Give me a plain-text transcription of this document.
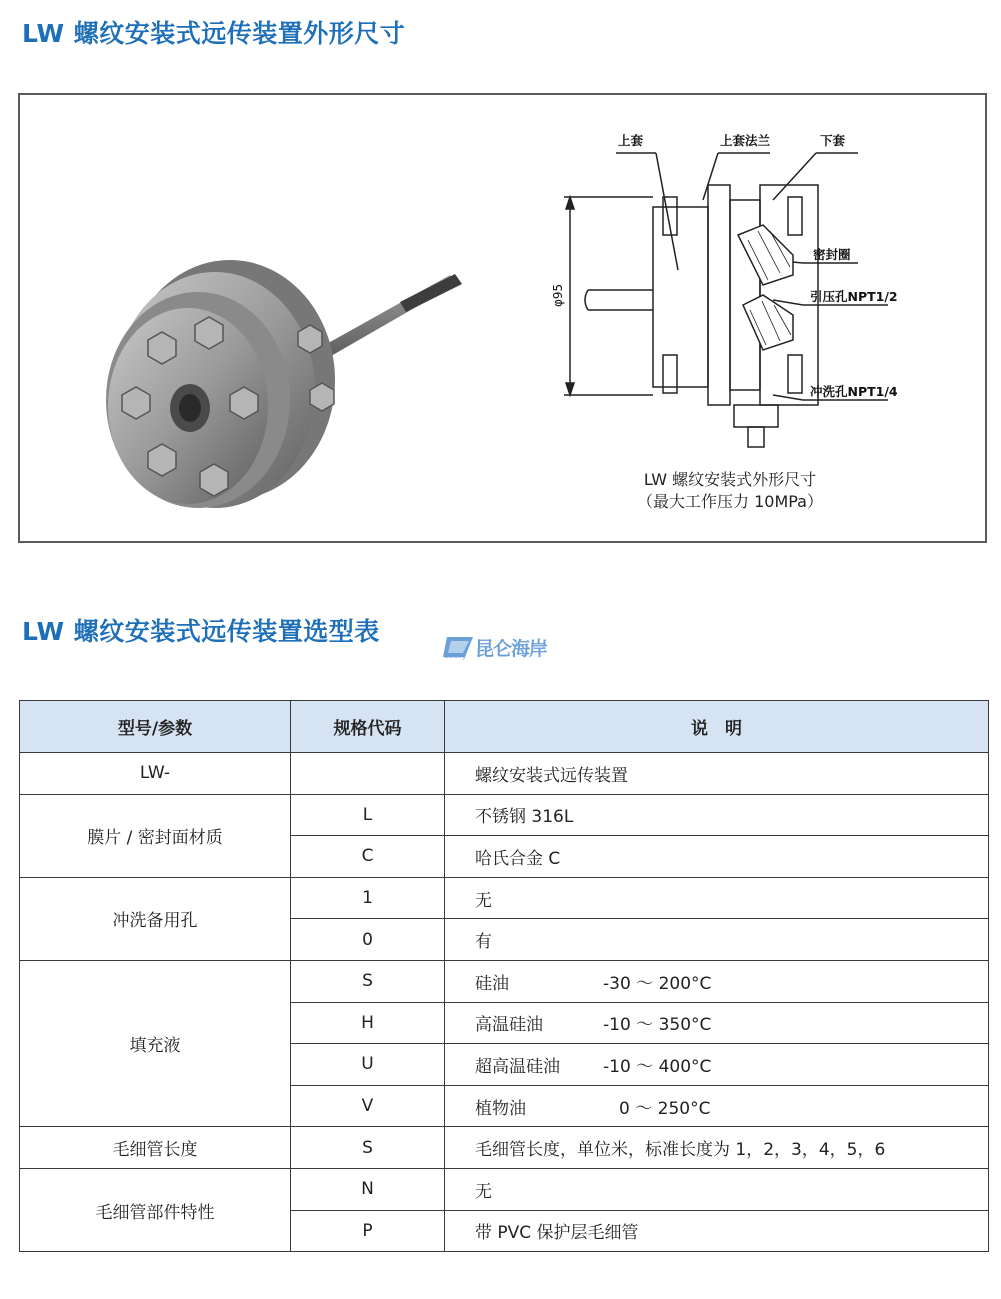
LW 螺纹安装式远传装置外形尺寸
上套	上套法兰	下套
密封圈
引压孔NPT1/2
冲洗孔NPT1/4
φ95
LW 螺纹安装式外形尺寸
（最大工作压力 10MPa）
LW 螺纹安装式远传装置选型表
昆仑海岸
Coldtig
型号/参数	规格代码	说　明
LW-		螺纹安装式远传装置
膜片 / 密封面材质	L	不锈钢 316L
	C	哈氏合金 C
冲洗备用孔	1	无
	0	有
填充液	S	硅油 -30 ～ 200°C
	H	高温硅油 -10 ～ 350°C
	U	超高温硅油 -10 ～ 400°C
	V	植物油 0 ～ 250°C
毛细管长度	S	毛细管长度，单位米，标准长度为 1，2，3，4，5，6
毛细管部件特性	N	无
	P	带 PVC 保护层毛细管
